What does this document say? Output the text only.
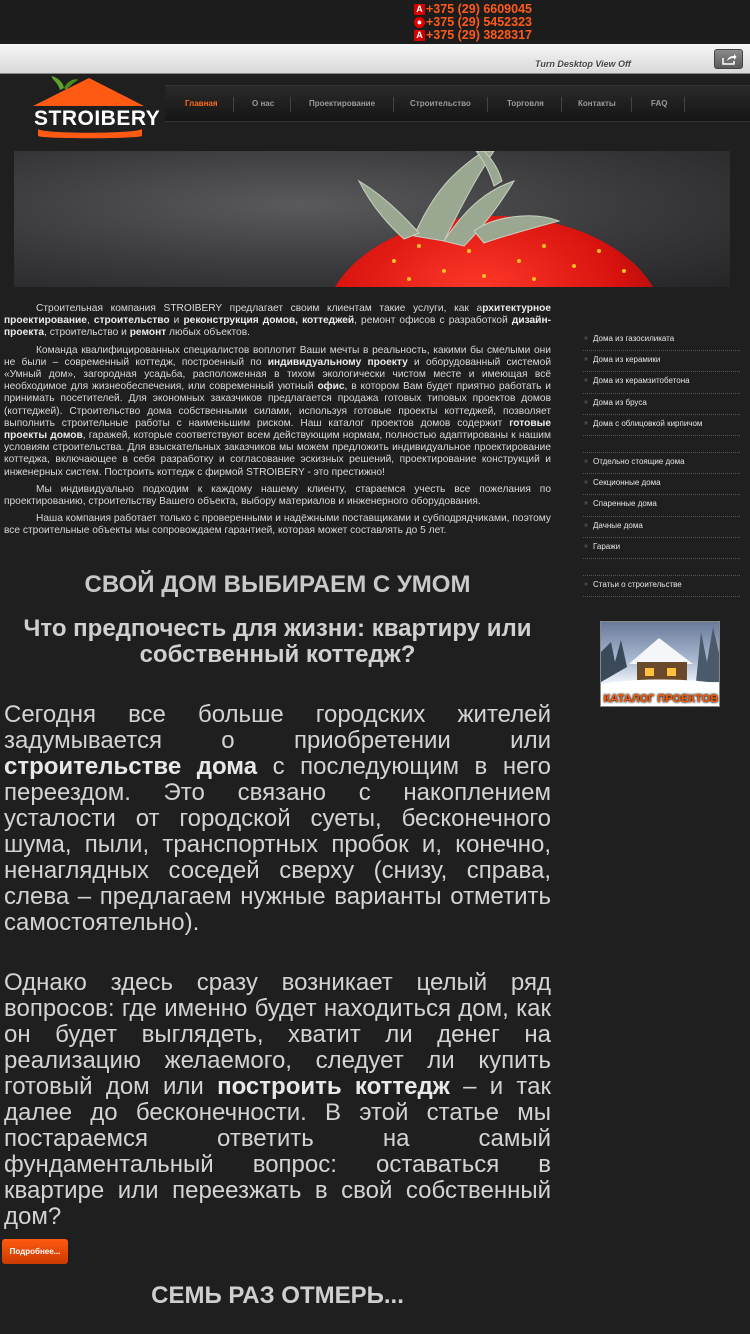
A +375 (29) 6609045
● +375 (29) 5452323
A +375 (29) 3828317
Turn Desktop View Off
STROIBERY
Главная	О нас	Проектирование	Строительство	Торговля	Контакты	FAQ

Строительная компания STROIBERY предлагает своим клиентам такие услуги, как архитектурное проектирование, строительство и реконструкция домов, коттеджей, ремонт офисов с разработкой дизайн-проекта, строительство и ремонт любых объектов.

Команда квалифицированных специалистов воплотит Ваши мечты в реальность, какими бы смелыми они не были – современный коттедж, построенный по индивидуальному проекту и оборудованный системой «Умный дом», загородная усадьба, расположенная в тихом экологически чистом месте и имеющая всё необходимое для жизнеобеспечения, или современный уютный офис, в котором Вам будет приятно работать и принимать посетителей. Для экономных заказчиков предлагается продажа готовых типовых проектов домов (коттеджей). Строительство дома собственными силами, используя готовые проекты коттеджей, позволяет выполнить строительные работы с наименьшим риском. Наш каталог проектов домов содержит готовые проекты домов, гаражей, которые соответствуют всем действующим нормам, полностью адаптированы к нашим условиям строительства. Для взыскательных заказчиков мы можем предложить индивидуальное проектирование коттеджа, включающее в себя разработку и согласование эскизных решений, проектирование конструкций и инженерных систем. Построить коттедж с фирмой STROIBERY - это престижно!

Мы индивидуально подходим к каждому нашему клиенту, стараемся учесть все пожелания по проектированию, строительству Вашего объекта, выбору материалов и инженерного оборудования.

Наша компания работает только с проверенными и надёжными поставщиками и субподрядчиками, поэтому все строительные объекты мы сопровождаем гарантией, которая может составлять до 5 лет.

СВОЙ ДОМ ВЫБИРАЕМ С УМОМ
Что предпочесть для жизни: квартиру или собственный коттедж?

Сегодня все больше городских жителей задумывается о приобретении или строительстве дома с последующим в него переездом. Это связано с накоплением усталости от городской суеты, бесконечного шума, пыли, транспортных пробок и, конечно, ненаглядных соседей сверху (снизу, справа, слева – предлагаем нужные варианты отметить самостоятельно).

Однако здесь сразу возникает целый ряд вопросов: где именно будет находиться дом, как он будет выглядеть, хватит ли денег на реализацию желаемого, следует ли купить готовый дом или построить коттедж – и так далее до бесконечности. В этой статье мы постараемся ответить на самый фундаментальный вопрос: оставаться в квартире или переезжать в свой собственный дом?

Подробнее...
СЕМЬ РАЗ ОТМЕРЬ...
» Дома из газосиликата
» Дома из керамики
» Дома из керамзитобетона
» Дома из бруса
» Дома с облицовкой кирпичом
» Отдельно стоящие дома
» Секционные дома
» Спаренные дома
» Дачные дома
» Гаражи
» Статьи о строительстве
КАТАЛОГ ПРОЕКТОВ
